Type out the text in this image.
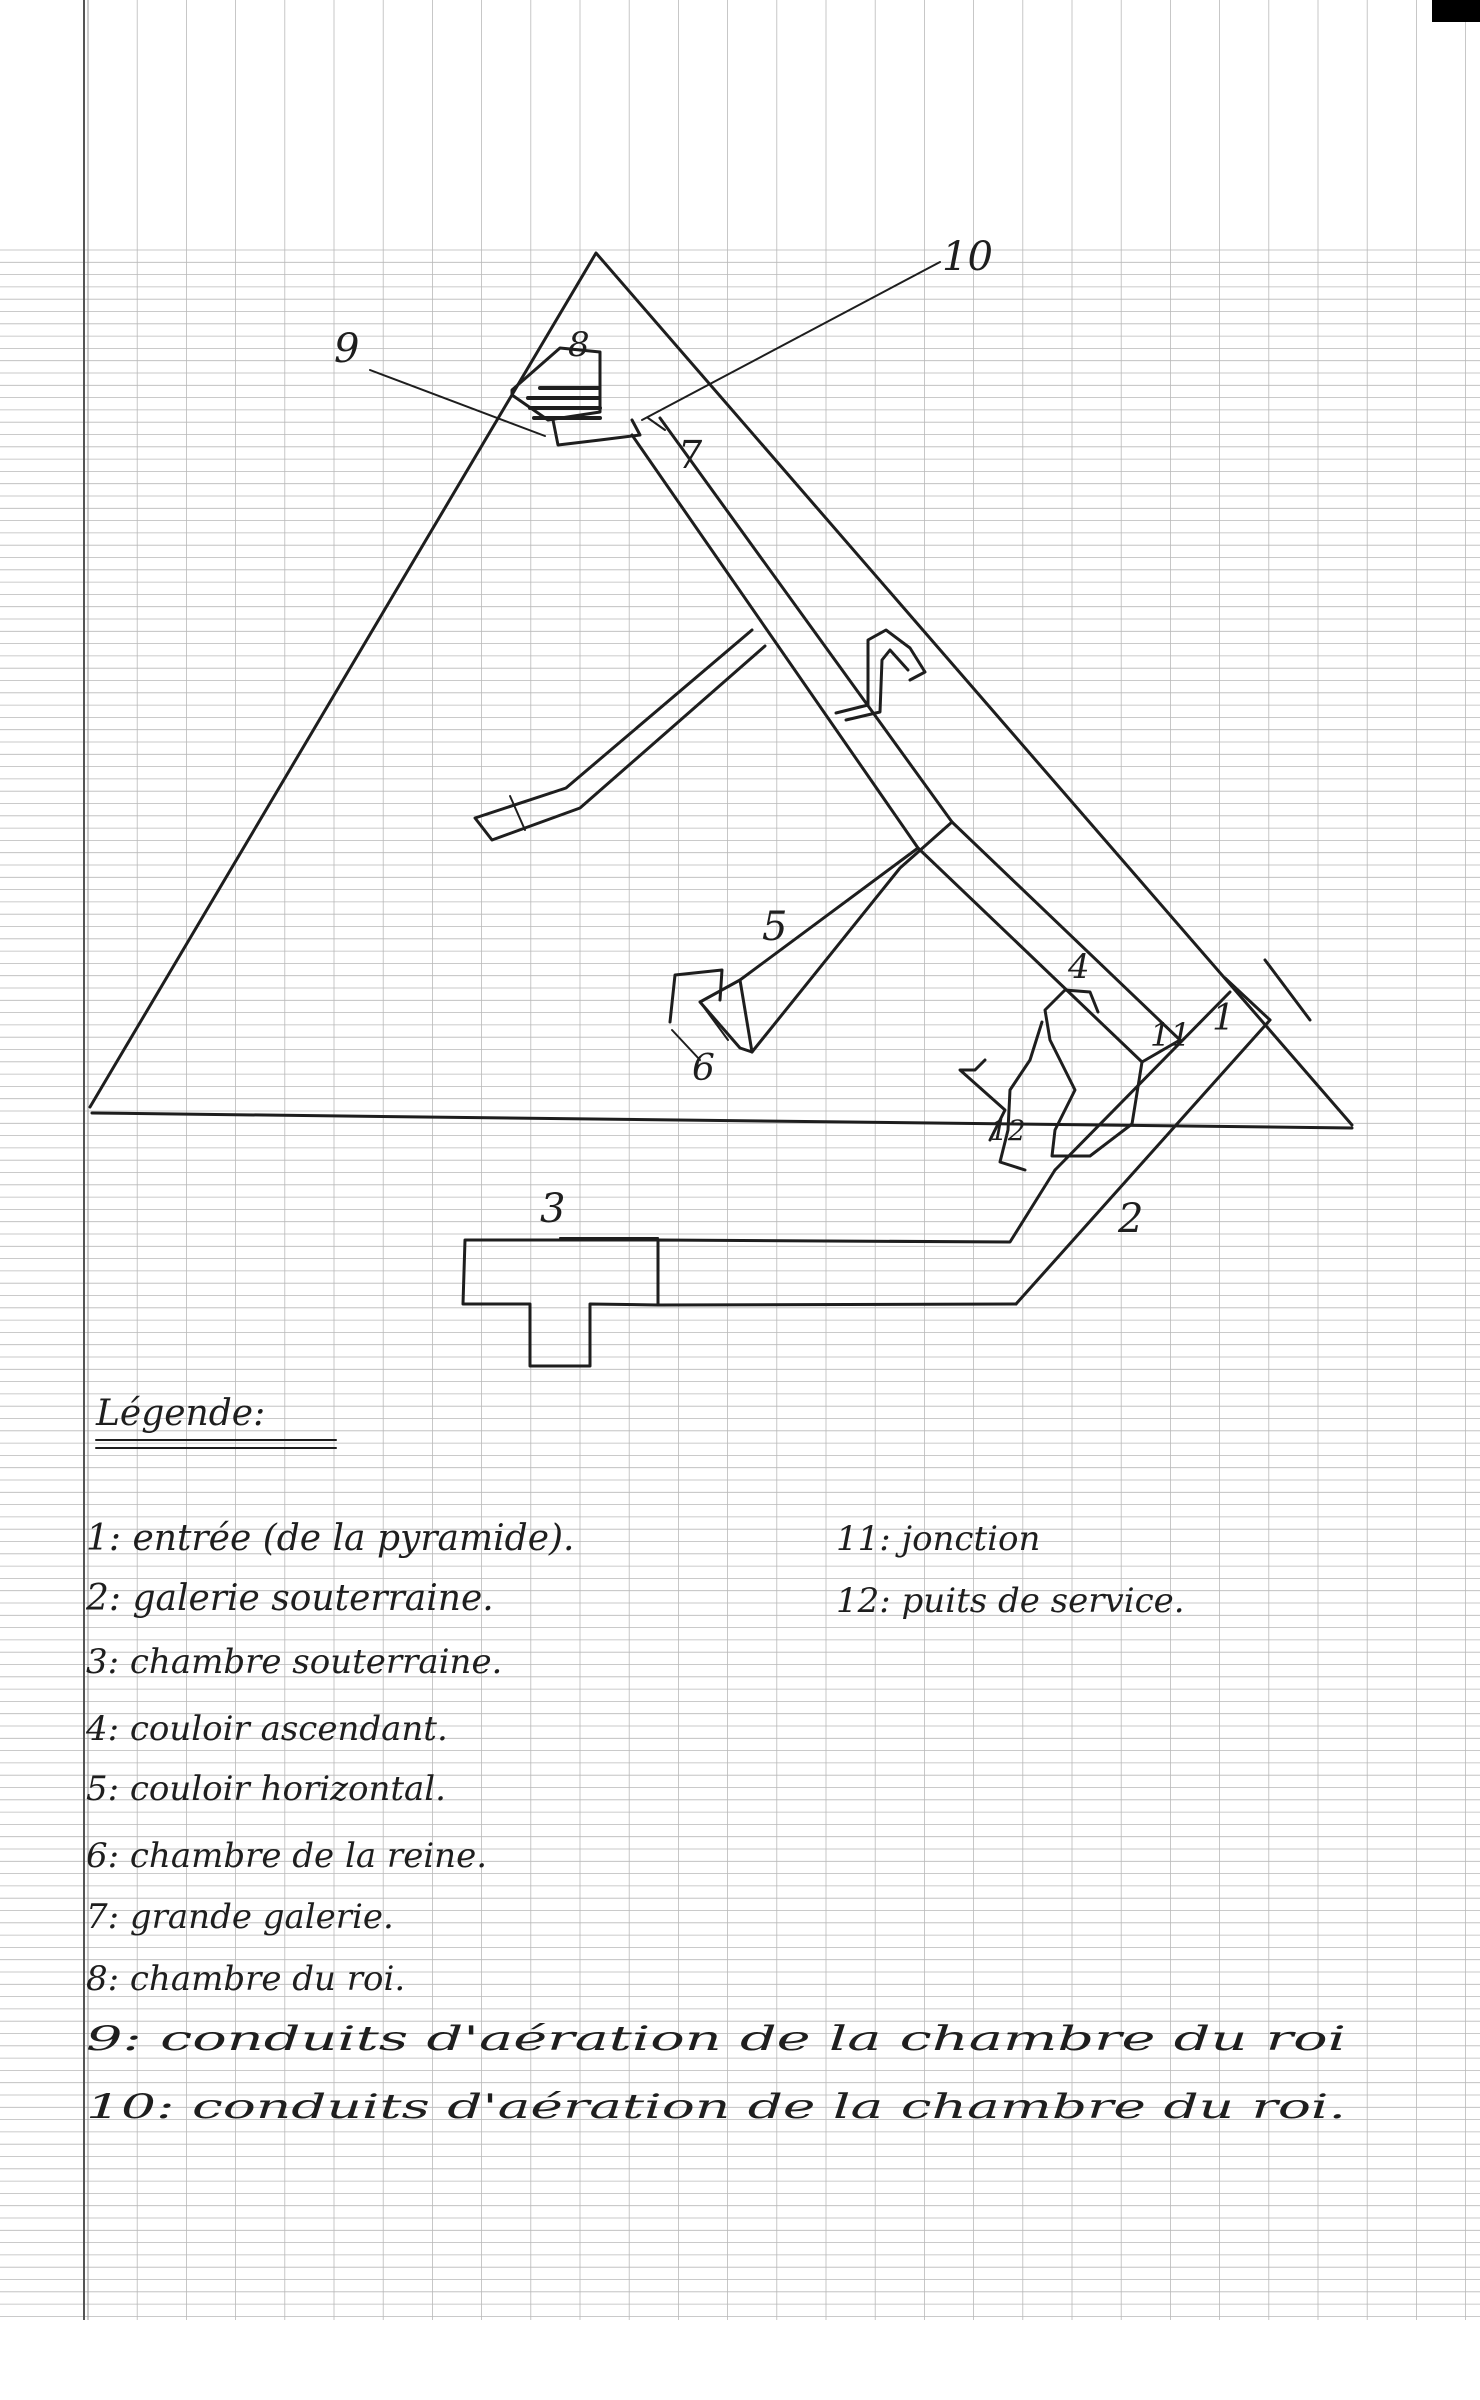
1
2
3
4
5
6
7
8
9
10
11
12
Légende:
1: entrée (de la pyramide).
2: galerie souterraine.
3: chambre souterraine.
4: couloir ascendant.
5: couloir horizontal.
6: chambre de la reine.
7: grande galerie.
8: chambre du roi.
9: conduits d'aération de la chambre du roi
10: conduits d'aération de la chambre du roi.
11: jonction
12: puits de service.
